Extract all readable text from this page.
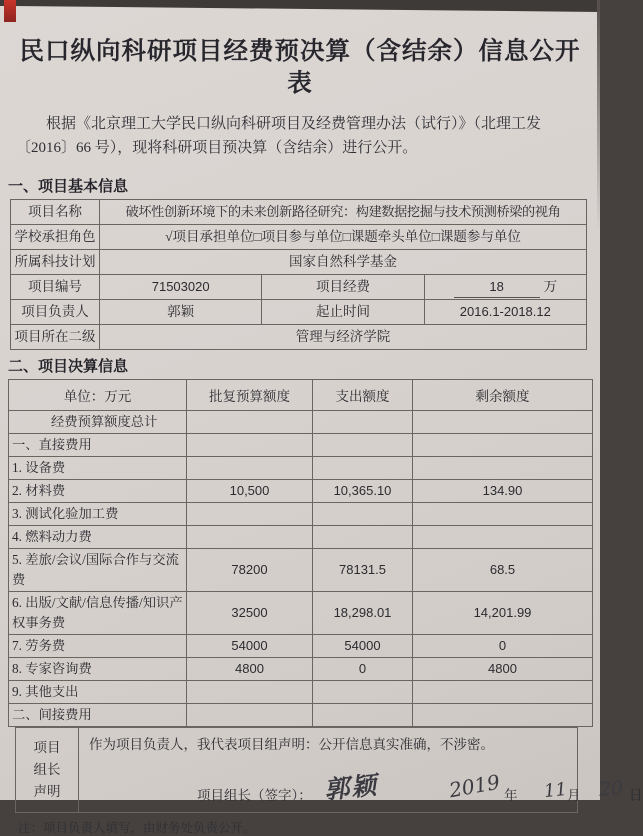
民口纵向科研项目经费预决算（含结余）信息公开表

根据《北京理工大学民口纵向科研项目及经费管理办法（试行）》（北理工发〔2016〕66 号），现将科研项目预决算（含结余）进行公开。

一、项目基本信息
项目名称	破坏性创新环境下的未来创新路径研究：构建数据挖掘与技术预测桥梁的视角		
学校承担角色	√项目承担单位□项目参与单位□课题牵头单位□课题参与单位		
所属科技计划	国家自然科学基金		
项目编号	71503020	项目经费	18 万
项目负责人	郭颖	起止时间	2016.1-2018.12
项目所在二级	管理与经济学院		
二、项目决算信息
单位：万元	批复预算额度	支出额度	剩余额度
经费预算额度总计			
一、直接费用			
1. 设备费			
2. 材料费	10,500	10,365.10	134.90
3. 测试化验加工费			
4. 燃料动力费			
5. 差旅/会议/国际合作与交流费	78200	78131.5	68.5
6. 出版/文献/信息传播/知识产权事务费	32500	18,298.01	14,201.99
7. 劳务费	54000	54000	0
8. 专家咨询费	4800	0	4800
9. 其他支出			
二、间接费用			
项目
组长
声明
作为项目负责人，我代表项目组声明：公开信息真实准确，不涉密。
项目组长（签字）： 郭颖	2019 年 11 月 20 日

注：项目负责人填写，由财务处负责公开。
